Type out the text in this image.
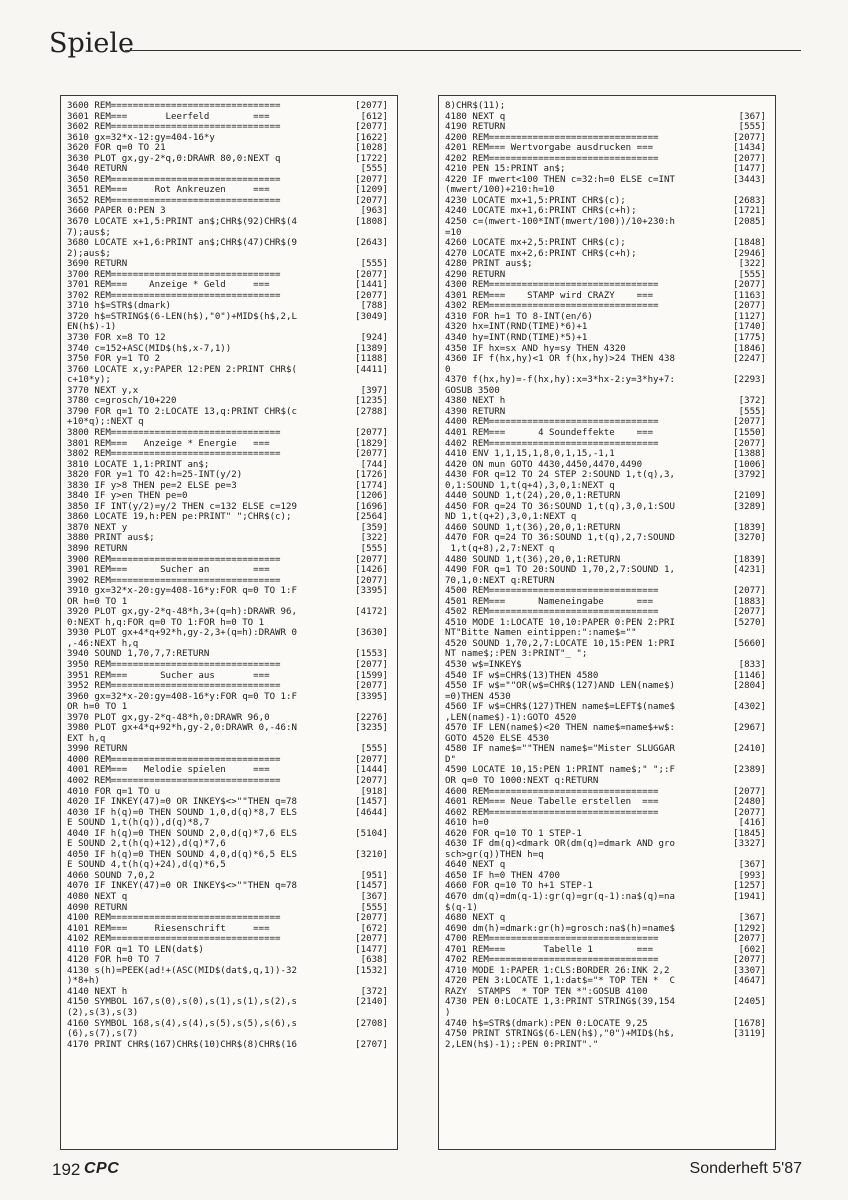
Spiele
3600 REM===============================	[2077]
3601 REM===       Leerfeld        ===	[612]
3602 REM===============================	[2077]
3610 gx=32*x-12:gy=404-16*y	[1622]
3620 FOR q=0 TO 21	[1028]
3630 PLOT gx,gy-2*q,0:DRAWR 80,0:NEXT q	[1722]
3640 RETURN	[555]
3650 REM===============================	[2077]
3651 REM===     Rot Ankreuzen     ===	[1209]
3652 REM===============================	[2077]
3660 PAPER 0:PEN 3	[963]
3670 LOCATE x+1,5:PRINT an$;CHR$(92)CHR$(4	[1808]
7);aus$;
3680 LOCATE x+1,6:PRINT an$;CHR$(47)CHR$(9	[2643]
2);aus$;
3690 RETURN	[555]
3700 REM===============================	[2077]
3701 REM===    Anzeige * Geld     ===	[1441]
3702 REM===============================	[2077]
3710 h$=STR$(dmark)	[788]
3720 h$=STRING$(6-LEN(h$),"0")+MID$(h$,2,L	[3049]
EN(h$)-1)
3730 FOR x=8 TO 12	[924]
3740 c=152+ASC(MID$(h$,x-7,1))	[1389]
3750 FOR y=1 TO 2	[1188]
3760 LOCATE x,y:PAPER 12:PEN 2:PRINT CHR$(	[4411]
c+10*y);
3770 NEXT y,x	[397]
3780 c=grosch/10+220	[1235]
3790 FOR q=1 TO 2:LOCATE 13,q:PRINT CHR$(c	[2788]
+10*q);:NEXT q
3800 REM===============================	[2077]
3801 REM===   Anzeige * Energie   ===	[1829]
3802 REM===============================	[2077]
3810 LOCATE 1,1:PRINT an$;	[744]
3820 FOR y=1 TO 42:h=25-INT(y/2)	[1726]
3830 IF y>8 THEN pe=2 ELSE pe=3	[1774]
3840 IF y>en THEN pe=0	[1206]
3850 IF INT(y/2)=y/2 THEN c=132 ELSE c=129	[1696]
3860 LOCATE 19,h:PEN pe:PRINT" ";CHR$(c);	[2564]
3870 NEXT y	[359]
3880 PRINT aus$;	[322]
3890 RETURN	[555]
3900 REM===============================	[2077]
3901 REM===      Sucher an        ===	[1426]
3902 REM===============================	[2077]
3910 gx=32*x-20:gy=408-16*y:FOR q=0 TO 1:F	[3395]
OR h=0 TO 1
3920 PLOT gx,gy-2*q-48*h,3+(q=h):DRAWR 96,	[4172]
0:NEXT h,q:FOR q=0 TO 1:FOR h=0 TO 1
3930 PLOT gx+4*q+92*h,gy-2,3+(q=h):DRAWR 0	[3630]
,-46:NEXT h,q
3940 SOUND 1,70,7,7:RETURN	[1553]
3950 REM===============================	[2077]
3951 REM===      Sucher aus       ===	[1599]
3952 REM===============================	[2077]
3960 gx=32*x-20:gy=408-16*y:FOR q=0 TO 1:F	[3395]
OR h=0 TO 1
3970 PLOT gx,gy-2*q-48*h,0:DRAWR 96,0	[2276]
3980 PLOT gx+4*q+92*h,gy-2,0:DRAWR 0,-46:N	[3235]
EXT h,q
3990 RETURN	[555]
4000 REM===============================	[2077]
4001 REM===   Melodie spielen     ===	[1444]
4002 REM===============================	[2077]
4010 FOR q=1 TO u	[918]
4020 IF INKEY(47)=0 OR INKEY$<>""THEN q=78	[1457]
4030 IF h(q)=0 THEN SOUND 1,0,d(q)*8,7 ELS	[4644]
E SOUND 1,t(h(q)),d(q)*8,7
4040 IF h(q)=0 THEN SOUND 2,0,d(q)*7,6 ELS	[5104]
E SOUND 2,t(h(q)+12),d(q)*7,6
4050 IF h(q)=0 THEN SOUND 4,0,d(q)*6,5 ELS	[3210]
E SOUND 4,t(h(q)+24),d(q)*6,5
4060 SOUND 7,0,2	[951]
4070 IF INKEY(47)=0 OR INKEY$<>""THEN q=78	[1457]
4080 NEXT q	[367]
4090 RETURN	[555]
4100 REM===============================	[2077]
4101 REM===     Riesenschrift     ===	[672]
4102 REM===============================	[2077]
4110 FOR q=1 TO LEN(dat$)	[1477]
4120 FOR h=0 TO 7	[638]
4130 s(h)=PEEK(ad!+(ASC(MID$(dat$,q,1))-32	[1532]
)*8+h)
4140 NEXT h	[372]
4150 SYMBOL 167,s(0),s(0),s(1),s(1),s(2),s	[2140]
(2),s(3),s(3)
4160 SYMBOL 168,s(4),s(4),s(5),s(5),s(6),s	[2708]
(6),s(7),s(7)
4170 PRINT CHR$(167)CHR$(10)CHR$(8)CHR$(16	[2707]
8)CHR$(11);
4180 NEXT q	[367]
4190 RETURN	[555]
4200 REM===============================	[2077]
4201 REM=== Wertvorgabe ausdrucken ===	[1434]
4202 REM===============================	[2077]
4210 PEN 15:PRINT an$;	[1477]
4220 IF mwert<100 THEN c=32:h=0 ELSE c=INT	[3443]
(mwert/100)+210:h=10
4230 LOCATE mx+1,5:PRINT CHR$(c);	[2683]
4240 LOCATE mx+1,6:PRINT CHR$(c+h);	[1721]
4250 c=(mwert-100*INT(mwert/100))/10+230:h	[2085]
=10
4260 LOCATE mx+2,5:PRINT CHR$(c);	[1848]
4270 LOCATE mx+2,6:PRINT CHR$(c+h);	[2946]
4280 PRINT aus$;	[322]
4290 RETURN	[555]
4300 REM===============================	[2077]
4301 REM===    STAMP wird CRAZY    ===	[1163]
4302 REM===============================	[2077]
4310 FOR h=1 TO 8-INT(en/6)	[1127]
4320 hx=INT(RND(TIME)*6)+1	[1740]
4340 hy=INT(RND(TIME)*5)+1	[1775]
4350 IF hx=sx AND hy=sy THEN 4320	[1846]
4360 IF f(hx,hy)<1 OR f(hx,hy)>24 THEN 438	[2247]
0
4370 f(hx,hy)=-f(hx,hy):x=3*hx-2:y=3*hy+7:	[2293]
GOSUB 3500
4380 NEXT h	[372]
4390 RETURN	[555]
4400 REM===============================	[2077]
4401 REM===      4 Soundeffekte    ===	[1550]
4402 REM===============================	[2077]
4410 ENV 1,1,15,1,8,0,1,15,-1,1	[1388]
4420 ON mun GOTO 4430,4450,4470,4490	[1006]
4430 FOR q=12 TO 24 STEP 2:SOUND 1,t(q),3,	[3792]
0,1:SOUND 1,t(q+4),3,0,1:NEXT q
4440 SOUND 1,t(24),20,0,1:RETURN	[2109]
4450 FOR q=24 TO 36:SOUND 1,t(q),3,0,1:SOU	[3289]
ND 1,t(q+2),3,0,1:NEXT q
4460 SOUND 1,t(36),20,0,1:RETURN	[1839]
4470 FOR q=24 TO 36:SOUND 1,t(q),2,7:SOUND	[3270]
1,t(q+8),2,7:NEXT q
4480 SOUND 1,t(36),20,0,1:RETURN	[1839]
4490 FOR q=1 TO 20:SOUND 1,70,2,7:SOUND 1,	[4231]
70,1,0:NEXT q:RETURN
4500 REM===============================	[2077]
4501 REM===      Nameneingabe      ===	[1883]
4502 REM===============================	[2077]
4510 MODE 1:LOCATE 10,10:PAPER 0:PEN 2:PRI	[5270]
NT"Bitte Namen eintippen:":name$=""
4520 SOUND 1,70,2,7:LOCATE 10,15:PEN 1:PRI	[5660]
NT name$;:PEN 3:PRINT"_ ";
4530 w$=INKEY$	[833]
4540 IF w$=CHR$(13)THEN 4580	[1146]
4550 IF w$=""OR(w$=CHR$(127)AND LEN(name$)	[2804]
=0)THEN 4530
4560 IF w$=CHR$(127)THEN name$=LEFT$(name$	[4302]
,LEN(name$)-1):GOTO 4520
4570 IF LEN(name$)<20 THEN name$=name$+w$:	[2967]
GOTO 4520 ELSE 4530
4580 IF name$=""THEN name$="Mister SLUGGAR	[2410]
D"
4590 LOCATE 10,15:PEN 1:PRINT name$;" ";:F	[2389]
OR q=0 TO 1000:NEXT q:RETURN
4600 REM===============================	[2077]
4601 REM=== Neue Tabelle erstellen  ===	[2480]
4602 REM===============================	[2077]
4610 h=0	[416]
4620 FOR q=10 TO 1 STEP-1	[1845]
4630 IF dm(q)<dmark OR(dm(q)=dmark AND gro	[3327]
sch>gr(q))THEN h=q
4640 NEXT q	[367]
4650 IF h=0 THEN 4700	[993]
4660 FOR q=10 TO h+1 STEP-1	[1257]
4670 dm(q)=dm(q-1):gr(q)=gr(q-1):na$(q)=na	[1941]
$(q-1)
4680 NEXT q	[367]
4690 dm(h)=dmark:gr(h)=grosch:na$(h)=name$	[1292]
4700 REM===============================	[2077]
4701 REM===       Tabelle 1        ===	[602]
4702 REM===============================	[2077]
4710 MODE 1:PAPER 1:CLS:BORDER 26:INK 2,2	[3307]
4720 PEN 3:LOCATE 1,1:dat$="* TOP TEN *  C	[4647]
RAZY  STAMPS  * TOP TEN *":GOSUB 4100
4730 PEN 0:LOCATE 1,3:PRINT STRING$(39,154	[2405]
)
4740 h$=STR$(dmark):PEN 0:LOCATE 9,25	[1678]
4750 PRINT STRING$(6-LEN(h$),"0")+MID$(h$,	[3119]
2,LEN(h$)-1);:PEN 0:PRINT"."
192 CPC	Sonderheft 5'87
